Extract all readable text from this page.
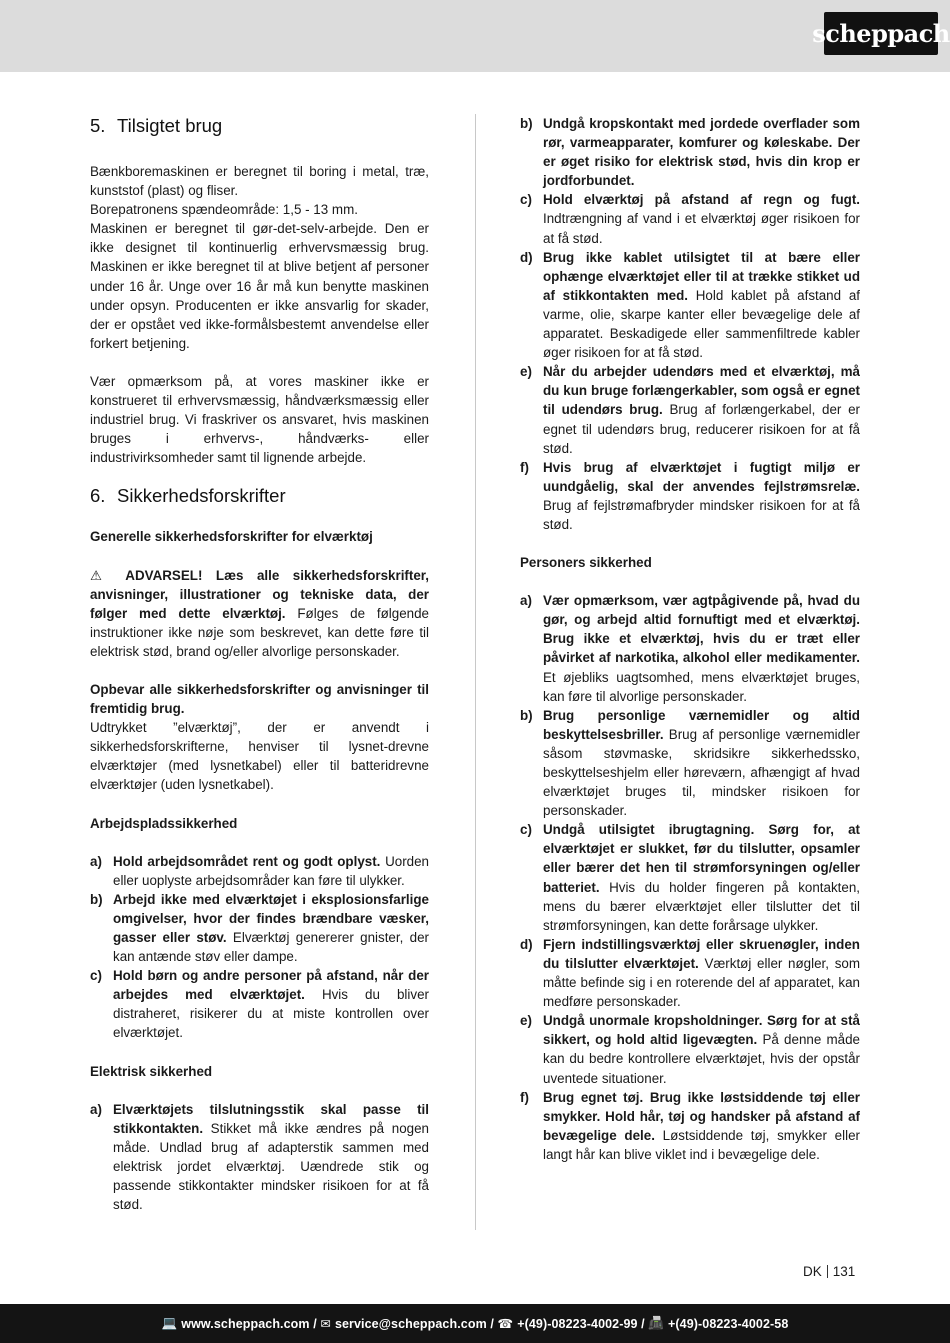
scheppach
5. Tilsigtet brug

Bænkboremaskinen er beregnet til boring i metal, træ, kunststof (plast) og fliser.

Borepatronens spændeområde: 1,5 - 13 mm.

Maskinen er beregnet til gør-det-selv-arbejde. Den er ikke designet til kontinuerlig erhvervsmæssig brug. Maskinen er ikke beregnet til at blive betjent af personer under 16 år. Unge over 16 år må kun benytte maskinen under opsyn. Producenten er ikke ansvarlig for skader, der er opstået ved ikke-formålsbestemt anvendelse eller forkert betjening.

Vær opmærksom på, at vores maskiner ikke er konstrueret til erhvervsmæssig, håndværksmæssig eller industriel brug. Vi fraskriver os ansvaret, hvis maskinen bruges i erhvervs-, håndværks- eller industrivirksomheder samt til lignende arbejde.

6. Sikkerhedsforskrifter

Generelle sikkerhedsforskrifter for elværktøj

⚠ ADVARSEL! Læs alle sikkerhedsforskrifter, anvisninger, illustrationer og tekniske data, der følger med dette elværktøj. Følges de følgende instruktioner ikke nøje som beskrevet, kan dette føre til elektrisk stød, brand og/eller alvorlige personskader.

Opbevar alle sikkerhedsforskrifter og anvisninger til fremtidig brug.

Udtrykket ”elværktøj”, der er anvendt i sikkerhedsforskrifterne, henviser til lysnet-drevne elværktøjer (med lysnetkabel) eller til batteridrevne elværktøjer (uden lysnetkabel).

Arbejdspladssikkerhed

a) Hold arbejdsområdet rent og godt oplyst. Uorden eller uoplyste arbejdsområder kan føre til ulykker.
b) Arbejd ikke med elværktøjet i eksplosionsfarlige omgivelser, hvor der findes brændbare væsker, gasser eller støv. Elværktøj genererer gnister, der kan antænde støv eller dampe.
c) Hold børn og andre personer på afstand, når der arbejdes med elværktøjet. Hvis du bliver distraheret, risikerer du at miste kontrollen over elværktøjet.

Elektrisk sikkerhed

a) Elværktøjets tilslutningsstik skal passe til stikkontakten. Stikket må ikke ændres på nogen måde. Undlad brug af adapterstik sammen med elektrisk jordet elværktøj. Uændrede stik og passende stikkontakter mindsker risikoen for at få stød.
b) Undgå kropskontakt med jordede overflader som rør, varmeapparater, komfurer og køleskabe. Der er øget risiko for elektrisk stød, hvis din krop er jordforbundet.
c) Hold elværktøj på afstand af regn og fugt. Indtrængning af vand i et elværktøj øger risikoen for at få stød.
d) Brug ikke kablet utilsigtet til at bære eller ophænge elværktøjet eller til at trække stikket ud af stikkontakten med. Hold kablet på afstand af varme, olie, skarpe kanter eller bevægelige dele af apparatet. Beskadigede eller sammenfiltrede kabler øger risikoen for at få stød.
e) Når du arbejder udendørs med et elværktøj, må du kun bruge forlængerkabler, som også er egnet til udendørs brug. Brug af forlængerkabel, der er egnet til udendørs brug, reducerer risikoen for at få stød.
f) Hvis brug af elværktøjet i fugtigt miljø er uundgåelig, skal der anvendes fejlstrømsrelæ. Brug af fejlstrømafbryder mindsker risikoen for at få stød.

Personers sikkerhed

a) Vær opmærksom, vær agtpågivende på, hvad du gør, og arbejd altid fornuftigt med et elværktøj. Brug ikke et elværktøj, hvis du er træt eller påvirket af narkotika, alkohol eller medikamenter. Et øjebliks uagtsomhed, mens elværktøjet bruges, kan føre til alvorlige personskader.
b) Brug personlige værnemidler og altid beskyttelsesbriller. Brug af personlige værnemidler såsom støvmaske, skridsikre sikkerhedssko, beskyttelseshjelm eller høreværn, afhængigt af hvad elværktøjet bruges til, mindsker risikoen for personskader.
c) Undgå utilsigtet ibrugtagning. Sørg for, at elværktøjet er slukket, før du tilslutter, opsamler eller bærer det hen til strømforsyningen og/eller batteriet. Hvis du holder fingeren på kontakten, mens du bærer elværktøjet eller tilslutter det til strømforsyningen, kan dette forårsage ulykker.
d) Fjern indstillingsværktøj eller skruenøgler, inden du tilslutter elværktøjet. Værktøj eller nøgler, som måtte befinde sig i en roterende del af apparatet, kan medføre personskader.
e) Undgå unormale kropsholdninger. Sørg for at stå sikkert, og hold altid ligevægten. På denne måde kan du bedre kontrollere elværktøjet, hvis der opstår uventede situationer.
f) Brug egnet tøj. Brug ikke løstsiddende tøj eller smykker. Hold hår, tøj og handsker på afstand af bevægelige dele. Løstsiddende tøj, smykker eller langt hår kan blive viklet ind i bevægelige dele.
DK 131
💻 www.scheppach.com / ✉ service@scheppach.com / ☎ +(49)-08223-4002-99 / 📠 +(49)-08223-4002-58
